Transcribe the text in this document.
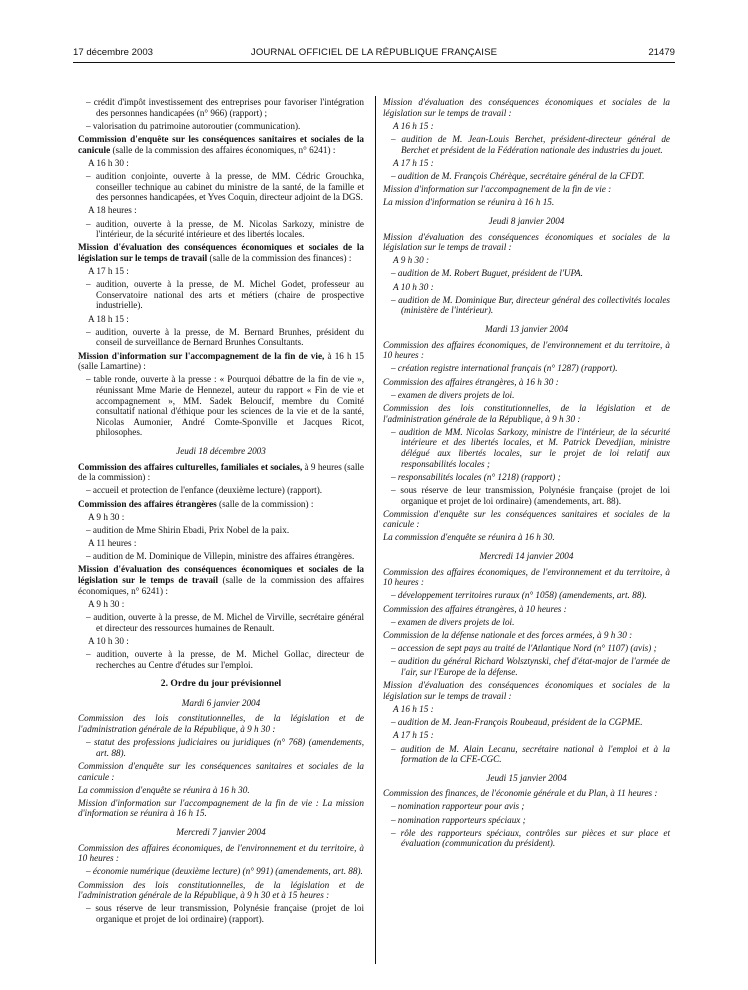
17 décembre 2003	JOURNAL OFFICIEL DE LA RÉPUBLIQUE FRANÇAISE	21479
– crédit d'impôt investissement des entreprises pour favoriser l'intégration des personnes handicapées (n° 966) (rapport) ;
– valorisation du patrimoine autoroutier (communication).
Commission d'enquête sur les conséquences sanitaires et sociales de la canicule (salle de la commission des affaires économiques, n° 6241) :
A 16 h 30 :
– audition conjointe, ouverte à la presse, de MM. Cédric Grouchka, conseiller technique au cabinet du ministre de la santé, de la famille et des personnes handicapées, et Yves Coquin, directeur adjoint de la DGS.
A 18 heures :
– audition, ouverte à la presse, de M. Nicolas Sarkozy, ministre de l'intérieur, de la sécurité intérieure et des libertés locales.
Mission d'évaluation des conséquences économiques et sociales de la législation sur le temps de travail (salle de la commission des finances) :
A 17 h 15 :
– audition, ouverte à la presse, de M. Michel Godet, professeur au Conservatoire national des arts et métiers (chaire de prospective industrielle).
A 18 h 15 :
– audition, ouverte à la presse, de M. Bernard Brunhes, président du conseil de surveillance de Bernard Brunhes Consultants.
Mission d'information sur l'accompagnement de la fin de vie, à 16 h 15 (salle Lamartine) :
– table ronde, ouverte à la presse : « Pourquoi débattre de la fin de vie », réunissant Mme Marie de Hennezel, auteur du rapport « Fin de vie et accompagnement », MM. Sadek Beloucif, membre du Comité consultatif national d'éthique pour les sciences de la vie et de la santé, Nicolas Aumonier, André Comte-Sponville et Jacques Ricot, philosophes.
Jeudi 18 décembre 2003
Commission des affaires culturelles, familiales et sociales, à 9 heures (salle de la commission) :
– accueil et protection de l'enfance (deuxième lecture) (rapport).
Commission des affaires étrangères (salle de la commission) :
A 9 h 30 :
– audition de Mme Shirin Ebadi, Prix Nobel de la paix.
A 11 heures :
– audition de M. Dominique de Villepin, ministre des affaires étrangères.
Mission d'évaluation des conséquences économiques et sociales de la législation sur le temps de travail (salle de la commission des affaires économiques, n° 6241) :
A 9 h 30 :
– audition, ouverte à la presse, de M. Michel de Virville, secrétaire général et directeur des ressources humaines de Renault.
A 10 h 30 :
– audition, ouverte à la presse, de M. Michel Gollac, directeur de recherches au Centre d'études sur l'emploi.
2. Ordre du jour prévisionnel
Mardi 6 janvier 2004
Commission des lois constitutionnelles, de la législation et de l'administration générale de la République, à 9 h 30 :
– statut des professions judiciaires ou juridiques (n° 768) (amendements, art. 88).
Commission d'enquête sur les conséquences sanitaires et sociales de la canicule :
La commission d'enquête se réunira à 16 h 30.
Mission d'information sur l'accompagnement de la fin de vie : La mission d'information se réunira à 16 h 15.
Mercredi 7 janvier 2004
Commission des affaires économiques, de l'environnement et du territoire, à 10 heures :
– économie numérique (deuxième lecture) (n° 991) (amendements, art. 88).
Commission des lois constitutionnelles, de la législation et de l'administration générale de la République, à 9 h 30 et à 15 heures :
– sous réserve de leur transmission, Polynésie française (projet de loi organique et projet de loi ordinaire) (rapport).
Mission d'évaluation des conséquences économiques et sociales de la législation sur le temps de travail :
A 16 h 15 :
– audition de M. Jean-Louis Berchet, président-directeur général de Berchet et président de la Fédération nationale des industries du jouet.
A 17 h 15 :
– audition de M. François Chérèque, secrétaire général de la CFDT.
Mission d'information sur l'accompagnement de la fin de vie :
La mission d'information se réunira à 16 h 15.
Jeudi 8 janvier 2004
Mission d'évaluation des conséquences économiques et sociales de la législation sur le temps de travail :
A 9 h 30 :
– audition de M. Robert Buguet, président de l'UPA.
A 10 h 30 :
– audition de M. Dominique Bur, directeur général des collectivités locales (ministère de l'intérieur).
Mardi 13 janvier 2004
Commission des affaires économiques, de l'environnement et du territoire, à 10 heures :
– création registre international français (n° 1287) (rapport).
Commission des affaires étrangères, à 16 h 30 :
– examen de divers projets de loi.
Commission des lois constitutionnelles, de la législation et de l'administration générale de la République, à 9 h 30 :
– audition de MM. Nicolas Sarkozy, ministre de l'intérieur, de la sécurité intérieure et des libertés locales, et M. Patrick Devedjian, ministre délégué aux libertés locales, sur le projet de loi relatif aux responsabilités locales ;
– responsabilités locales (n° 1218) (rapport) ;
– sous réserve de leur transmission, Polynésie française (projet de loi organique et projet de loi ordinaire) (amendements, art. 88).
Commission d'enquête sur les conséquences sanitaires et sociales de la canicule :
La commission d'enquête se réunira à 16 h 30.
Mercredi 14 janvier 2004
Commission des affaires économiques, de l'environnement et du territoire, à 10 heures :
– développement territoires ruraux (n° 1058) (amendements, art. 88).
Commission des affaires étrangères, à 10 heures :
– examen de divers projets de loi.
Commission de la défense nationale et des forces armées, à 9 h 30 :
– accession de sept pays au traité de l'Atlantique Nord (n° 1107) (avis) ;
– audition du général Richard Wolsztynski, chef d'état-major de l'armée de l'air, sur l'Europe de la défense.
Mission d'évaluation des conséquences économiques et sociales de la législation sur le temps de travail :
A 16 h 15 :
– audition de M. Jean-François Roubeaud, président de la CGPME.
A 17 h 15 :
– audition de M. Alain Lecanu, secrétaire national à l'emploi et à la formation de la CFE-CGC.
Jeudi 15 janvier 2004
Commission des finances, de l'économie générale et du Plan, à 11 heures :
– nomination rapporteur pour avis ;
– nomination rapporteurs spéciaux ;
– rôle des rapporteurs spéciaux, contrôles sur pièces et sur place et évaluation (communication du président).
